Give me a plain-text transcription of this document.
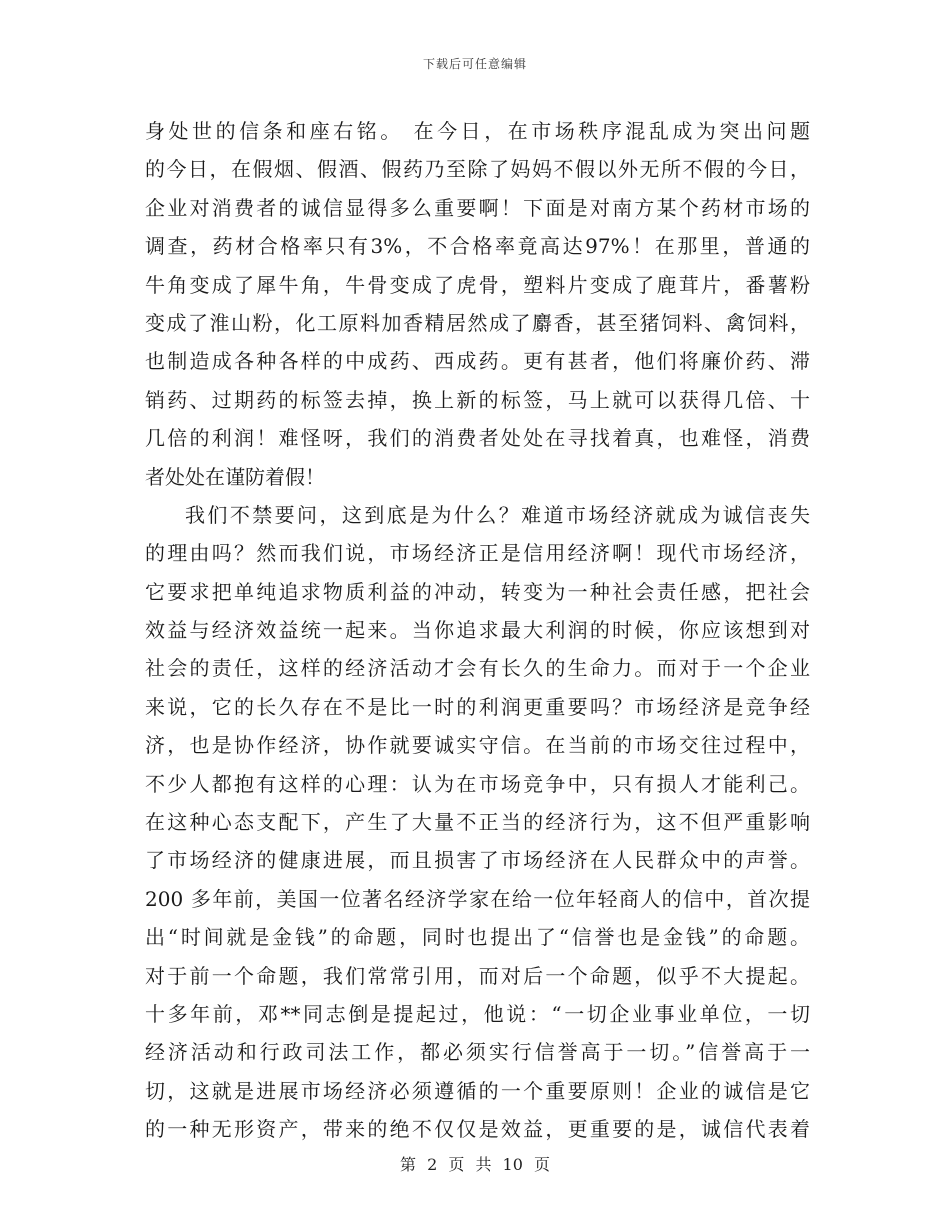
下载后可任意编辑
身处世的信条和座右铭。 在今日，在市场秩序混乱成为突出问题
的今日，在假烟、假酒、假药乃至除了妈妈不假以外无所不假的今日，
企业对消费者的诚信显得多么重要啊！下面是对南方某个药材市场的
调查，药材合格率只有3%，不合格率竟高达97%！在那里，普通的
牛角变成了犀牛角，牛骨变成了虎骨，塑料片变成了鹿茸片，番薯粉
变成了淮山粉，化工原料加香精居然成了麝香，甚至猪饲料、禽饲料，
也制造成各种各样的中成药、西成药。更有甚者，他们将廉价药、滞
销药、过期药的标签去掉，换上新的标签，马上就可以获得几倍、十
几倍的利润！难怪呀，我们的消费者处处在寻找着真，也难怪，消费
者处处在谨防着假！
我们不禁要问，这到底是为什么？难道市场经济就成为诚信丧失
的理由吗？然而我们说，市场经济正是信用经济啊！现代市场经济，
它要求把单纯追求物质利益的冲动，转变为一种社会责任感，把社会
效益与经济效益统一起来。当你追求最大利润的时候，你应该想到对
社会的责任，这样的经济活动才会有长久的生命力。而对于一个企业
来说，它的长久存在不是比一时的利润更重要吗？市场经济是竞争经
济，也是协作经济，协作就要诚实守信。在当前的市场交往过程中，
不少人都抱有这样的心理：认为在市场竞争中，只有损人才能利己。
在这种心态支配下，产生了大量不正当的经济行为，这不但严重影响
了市场经济的健康进展，而且损害了市场经济在人民群众中的声誉。
200 多年前，美国一位著名经济学家在给一位年轻商人的信中，首次提
出“时间就是金钱”的命题，同时也提出了“信誉也是金钱”的命题。
对于前一个命题，我们常常引用，而对后一个命题，似乎不大提起。
十多年前，邓**同志倒是提起过，他说：“一切企业事业单位，一切
经济活动和行政司法工作，都必须实行信誉高于一切。”信誉高于一
切，这就是进展市场经济必须遵循的一个重要原则！企业的诚信是它
的一种无形资产，带来的绝不仅仅是效益，更重要的是，诚信代表着
第 2 页 共 10 页
